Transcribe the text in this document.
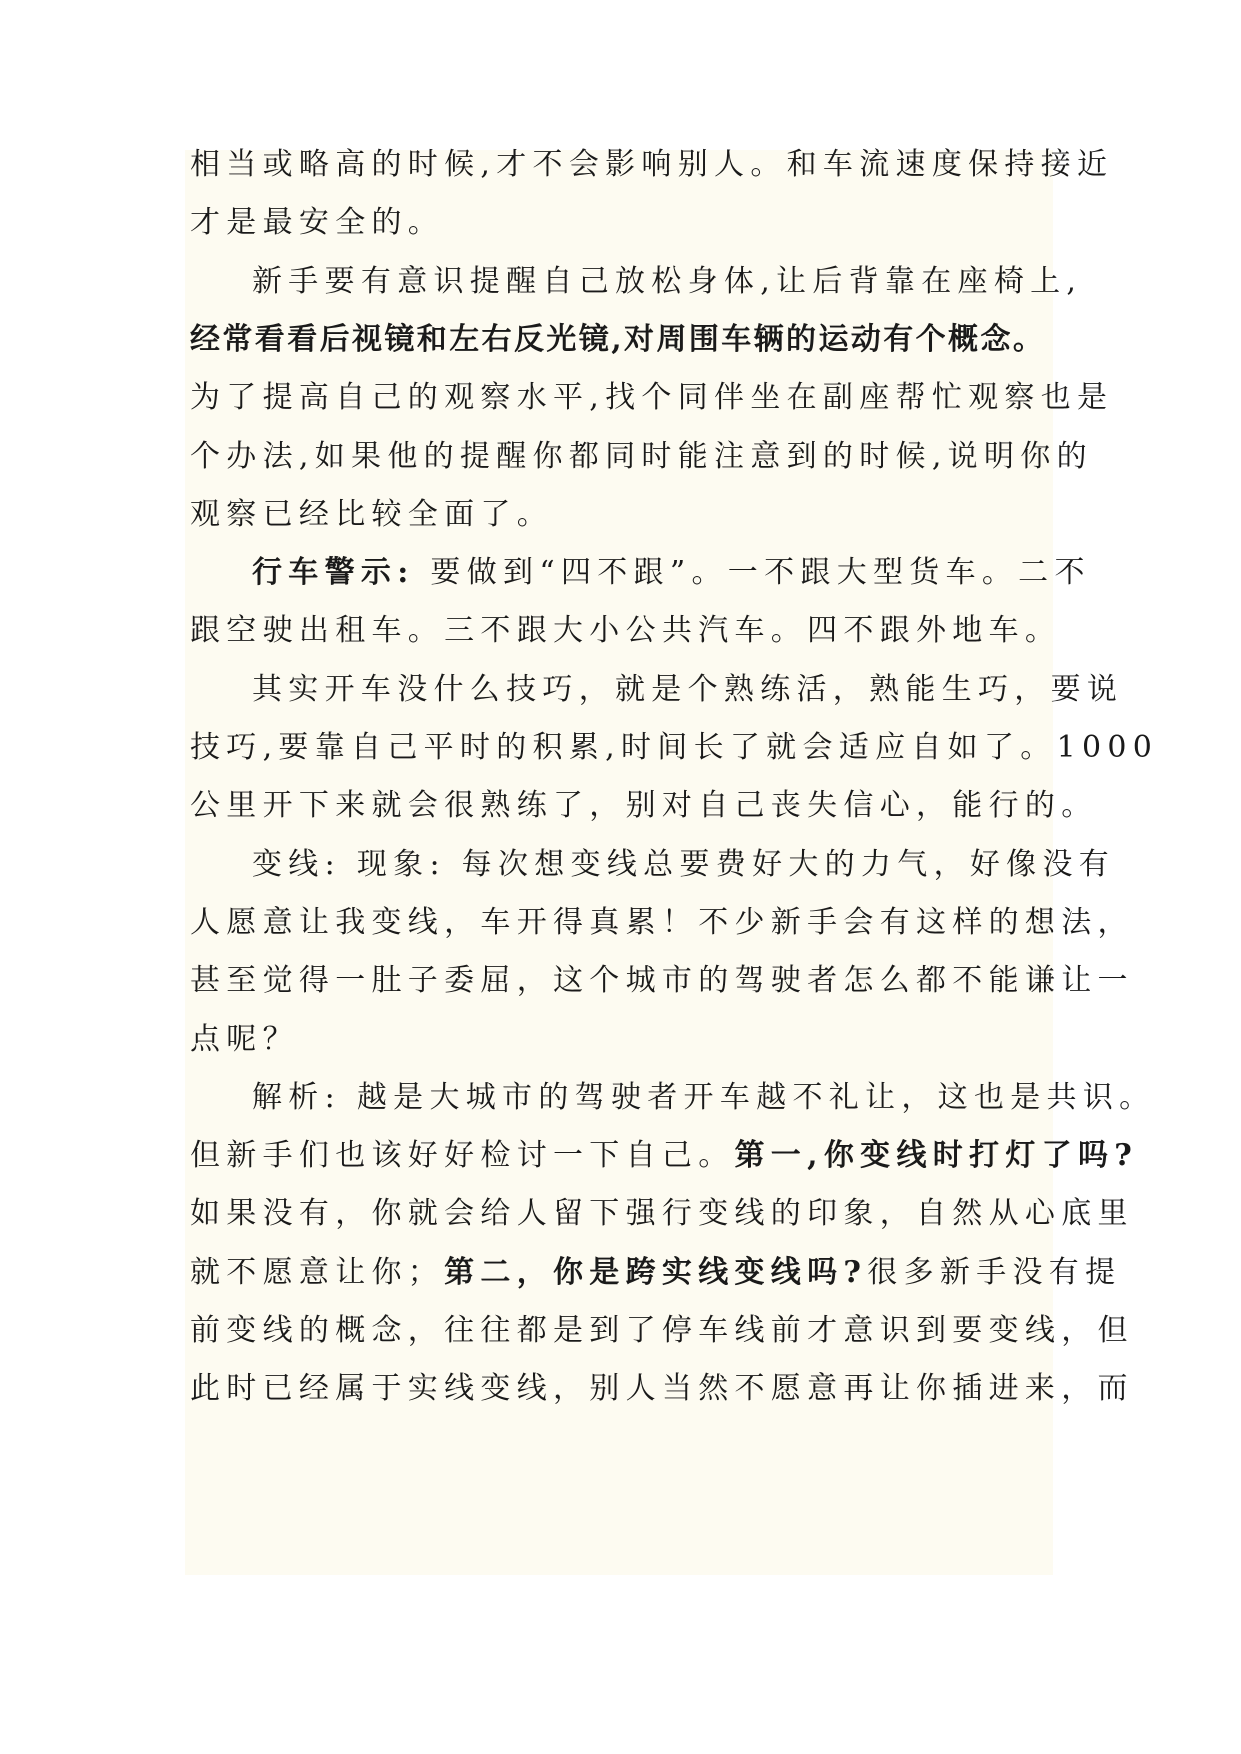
相当或略高的时候,才不会影响别人。和车流速度保持接近
才是最安全的。
新手要有意识提醒自己放松身体,让后背靠在座椅上,
经常看看后视镜和左右反光镜,对周围车辆的运动有个概念。
为了提高自己的观察水平,找个同伴坐在副座帮忙观察也是
个办法,如果他的提醒你都同时能注意到的时候,说明你的
观察已经比较全面了。
行车警示: 要做到“四不跟”。一不跟大型货车。二不
跟空驶出租车。三不跟大小公共汽车。四不跟外地车。
其实开车没什么技巧，就是个熟练活，熟能生巧，要说
技巧,要靠自己平时的积累,时间长了就会适应自如了。1000
公里开下来就会很熟练了，别对自己丧失信心，能行的。
变线: 现象: 每次想变线总要费好大的力气，好像没有
人愿意让我变线，车开得真累！不少新手会有这样的想法，
甚至觉得一肚子委屈，这个城市的驾驶者怎么都不能谦让一
点呢？
解析: 越是大城市的驾驶者开车越不礼让，这也是共识。
但新手们也该好好检讨一下自己。第一,你变线时打灯了吗?
如果没有，你就会给人留下强行变线的印象，自然从心底里
就不愿意让你；第二，你是跨实线变线吗?很多新手没有提
前变线的概念，往往都是到了停车线前才意识到要变线，但
此时已经属于实线变线，别人当然不愿意再让你插进来，而
